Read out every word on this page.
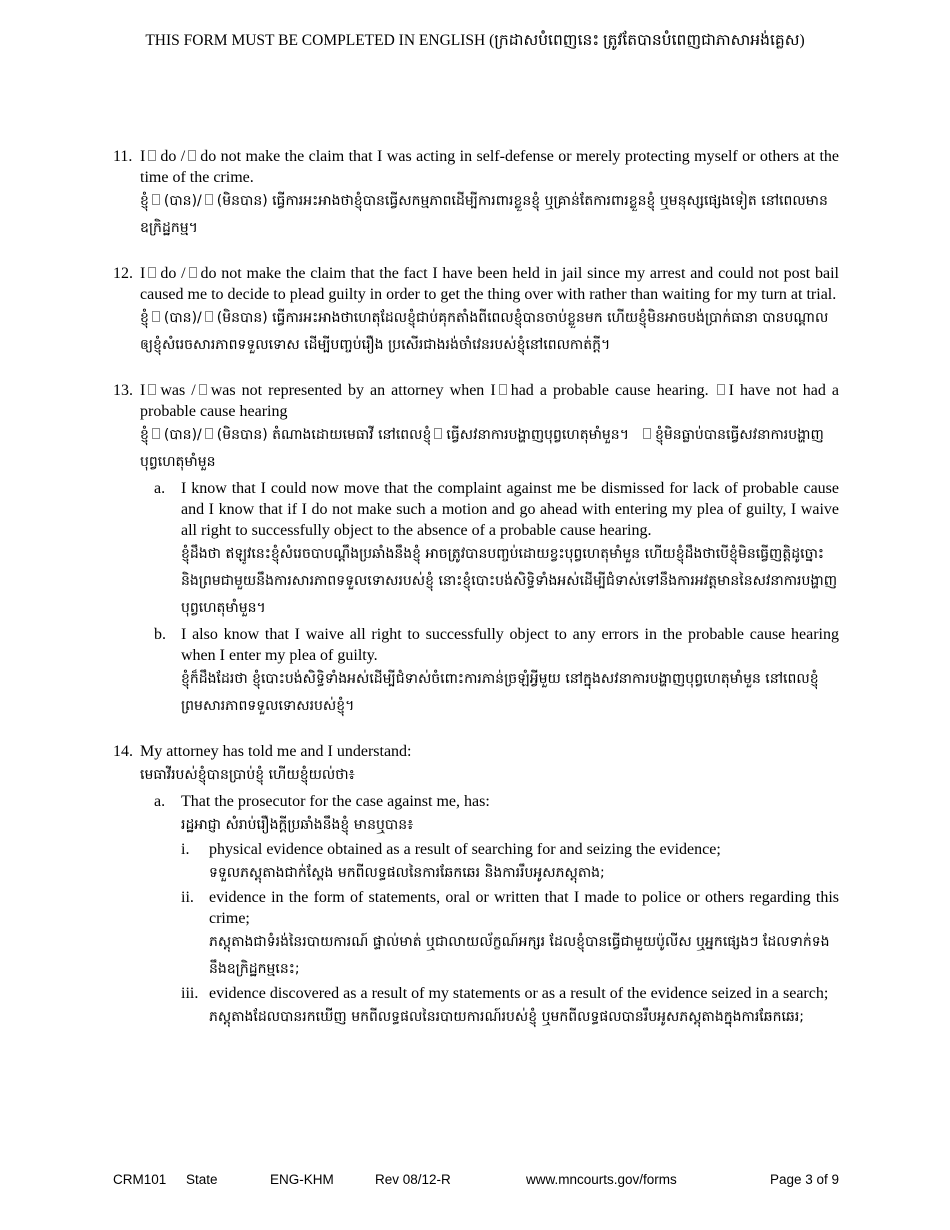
THIS FORM MUST BE COMPLETED IN ENGLISH (ក្រដាសបំពេញនេះ ត្រូវតែបានបំពេញជាភាសាអង់គ្លេស)
11. I do / do not make the claim that I was acting in self-defense or merely protecting myself or others at the time of the crime.
ខ្ញុំ (បាន)/ (មិនបាន) ធ្វើការអះអាងថាខ្ញុំបានធ្វើសកម្មភាពដើម្បីការពារខ្លួនខ្ញុំ ឬគ្រាន់តែការពារខ្លួនខ្ញុំ ឬមនុស្សផ្សេងទៀត នៅពេលមានឧក្រិដ្ឋកម្ម។
12. I do / do not make the claim that the fact I have been held in jail since my arrest and could not post bail caused me to decide to plead guilty in order to get the thing over with rather than waiting for my turn at trial.
ខ្ញុំ (បាន)/ (មិនបាន) ធ្វើការអះអាងថាហេតុដែលខ្ញុំជាប់គុកតាំងពីពេលខ្ញុំបានចាប់ខ្លួនមក ហើយខ្ញុំមិនអាចបង់ប្រាក់ធានា បានបណ្តាលឲ្យខ្ញុំសំរេចសារភាពទទួលទោស ដើម្បីបញ្ចប់រឿង ប្រសើរជាងរង់ចាំវេនរបស់ខ្ញុំនៅពេលកាត់ក្តី។
13. I was / was not represented by an attorney when I had a probable cause hearing. I have not had a probable cause hearing
ខ្ញុំ (បាន)/ (មិនបាន) តំណាងដោយមេធាវី នៅពេលខ្ញុំ ធ្វើសវនាការបង្ហាញបុព្វហេតុមាំមួន។ ខ្ញុំមិនធ្លាប់បានធ្វើសវនាការបង្ហាញបុព្វហេតុមាំមួន
a. I know that I could now move that the complaint against me be dismissed for lack of probable cause and I know that if I do not make such a motion and go ahead with entering my plea of guilty, I waive all right to successfully object to the absence of a probable cause hearing.
ខ្ញុំដឹងថា ឥឡូវនេះខ្ញុំសំរេចបាបណ្តឹងប្រឆាំងនឹងខ្ញុំ អាចត្រូវបានបញ្ចប់ដោយខ្វះបុព្វហេតុមាំមួន ហើយខ្ញុំដឹងថាបើខ្ញុំមិនធ្វើញត្តិដូច្នោះ និងព្រមជាមួយនឹងការសារភាពទទួលទោសរបស់ខ្ញុំ នោះខ្ញុំបោះបង់សិទ្ធិទាំងអស់ដើម្បីជំទាស់ទៅនឹងការអវត្តមាននៃសវនាការបង្ហាញបុព្វហេតុមាំមួន។
b. I also know that I waive all right to successfully object to any errors in the probable cause hearing when I enter my plea of guilty.
ខ្ញុំក៏ដឹងដែរថា ខ្ញុំបោះបង់សិទ្ធិទាំងអស់ដើម្បីជំទាស់ចំពោះការភាន់ច្រឡំអ្វីមួយ នៅក្នុងសវនាការបង្ហាញបុព្វហេតុមាំមួន នៅពេលខ្ញុំព្រមសារភាពទទួលទោសរបស់ខ្ញុំ។
14. My attorney has told me and I understand:
មេធាវីរបស់ខ្ញុំបានប្រាប់ខ្ញុំ ហើយខ្ញុំយល់ថា៖
a. That the prosecutor for the case against me, has:
រដ្ឋអាជ្ញា សំរាប់រឿងក្តីប្រឆាំងនឹងខ្ញុំ មានឬបាន៖
i.	physical evidence obtained as a result of searching for and seizing the evidence;
ទទួលភស្តុតាងជាក់ស្តែង មកពីលទ្ធផលនៃការឆែកឆេរ និងការរឹបអូសភស្តុតាង;
ii. evidence in the form of statements, oral or written that I made to police or others regarding this crime;
ភស្តុតាងជាទំរង់នៃរបាយការណ៍ ផ្ទាល់មាត់ ឬជាលាយល័ក្ខណ៍អក្សរ ដែលខ្ញុំបានធ្វើជាមួយប៉ូលីស ឬអ្នកផ្សេងៗ ដែលទាក់ទងនឹងឧក្រិដ្ឋកម្មនេះ;
iii. evidence discovered as a result of my statements or as a result of the evidence seized in a search;
ភស្តុតាងដែលបានរកឃើញ មកពីលទ្ធផលនៃរបាយការណ៍របស់ខ្ញុំ ឬមកពីលទ្ធផលបានរឹបអូសភស្តុតាងក្នុងការឆែកឆេរ;
CRM101 State	ENG-KHM	Rev 08/12-R	www.mncourts.gov/forms	Page 3 of 9
